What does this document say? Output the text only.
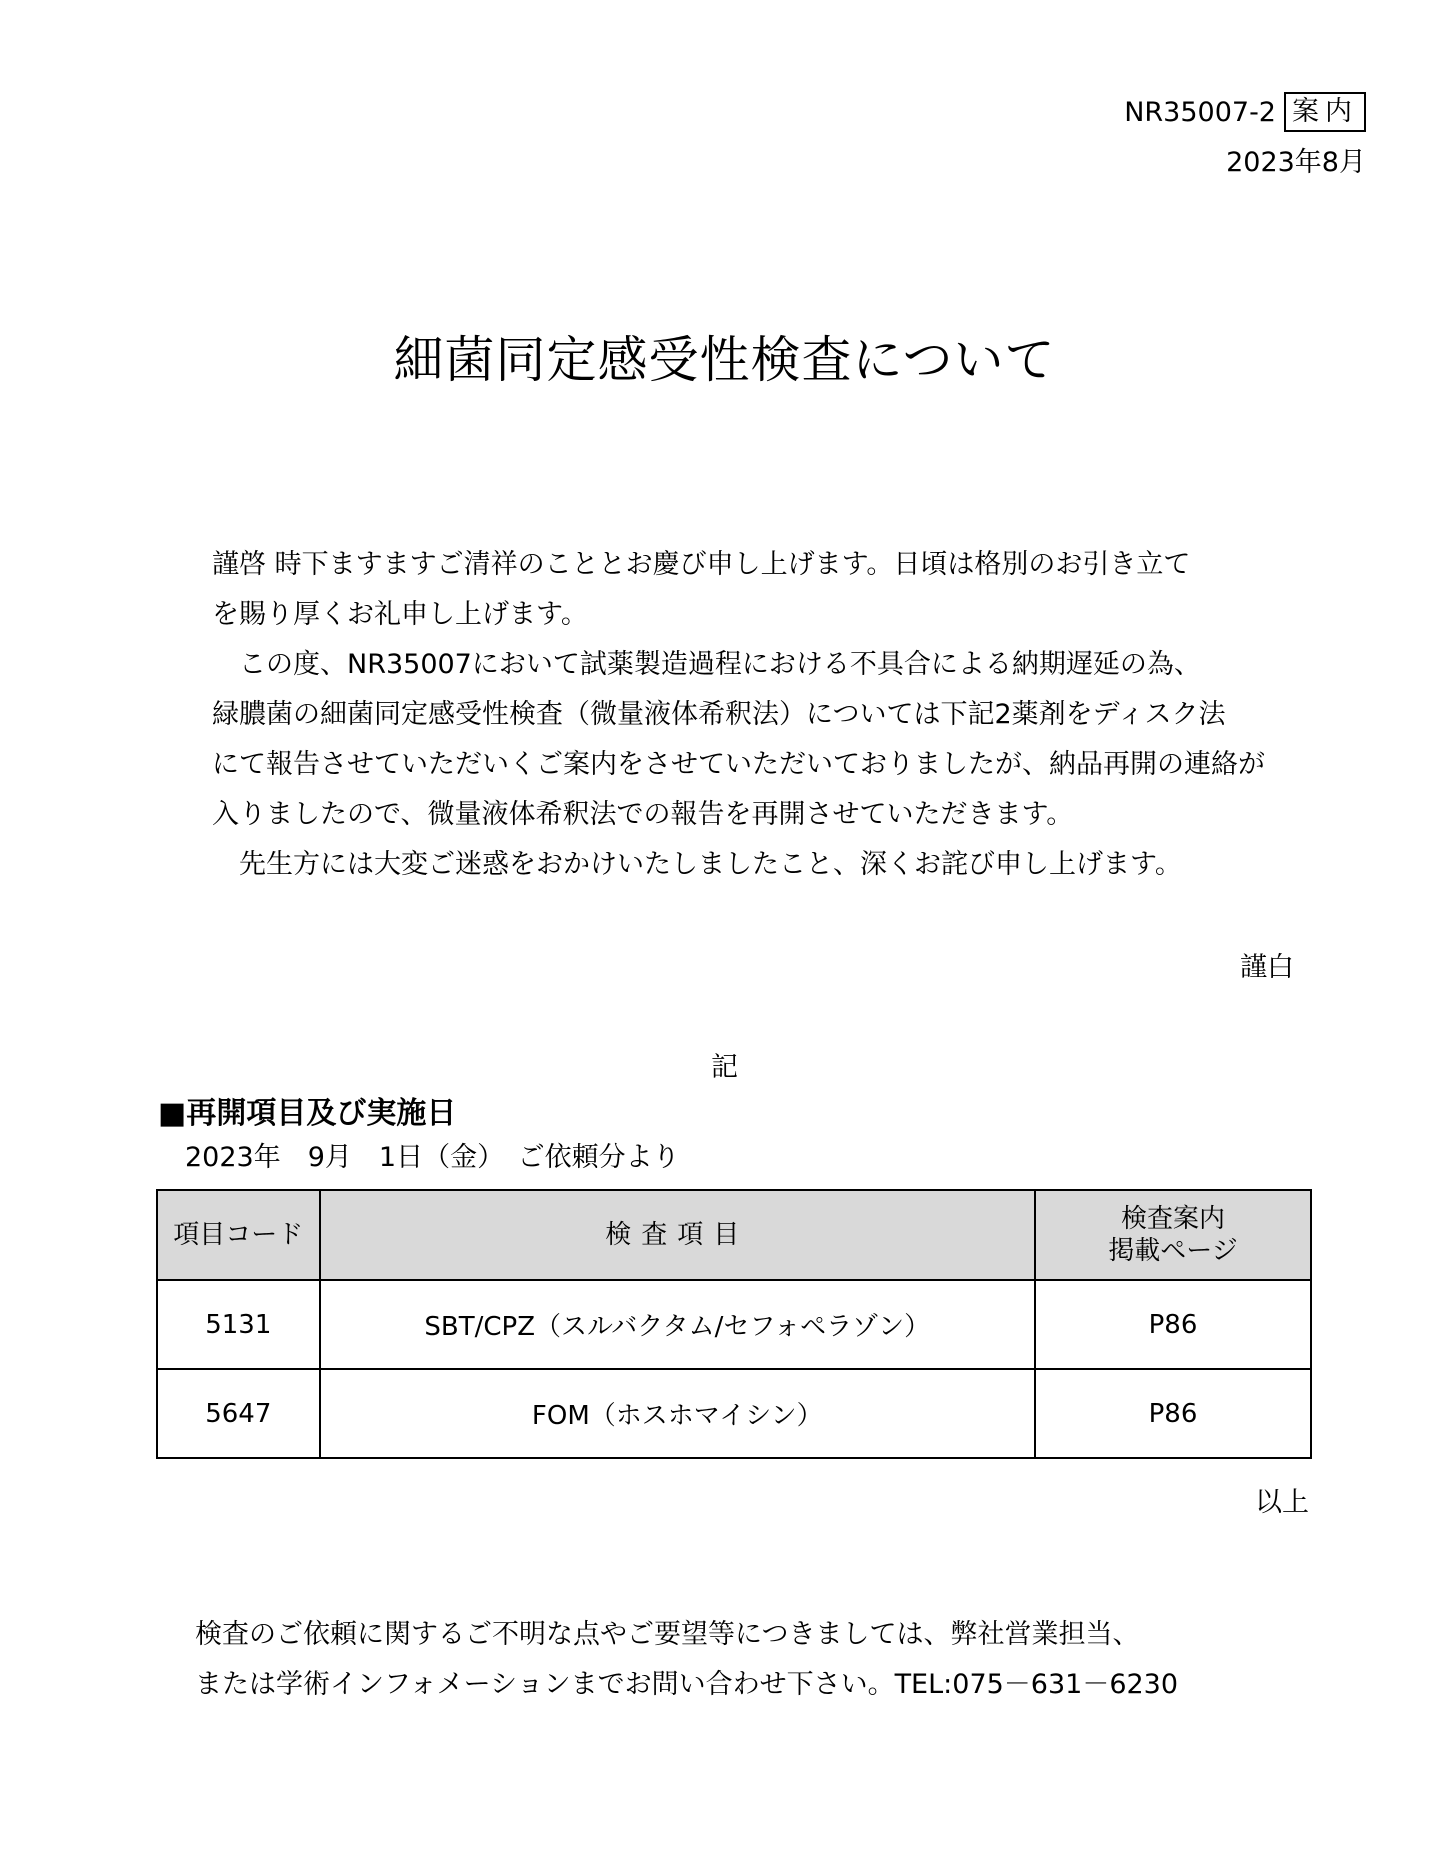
NR35007-2 案内
2023年8月
細菌同定感受性検査について

謹啓 時下ますますご清祥のこととお慶び申し上げます。日頃は格別のお引き立て

を賜り厚くお礼申し上げます。

　この度、NR35007において試薬製造過程における不具合による納期遅延の為、

緑膿菌の細菌同定感受性検査（微量液体希釈法）については下記2薬剤をディスク法

にて報告させていただいくご案内をさせていただいておりましたが、納品再開の連絡が

入りましたので、微量液体希釈法での報告を再開させていただきます。

　先生方には大変ご迷惑をおかけいたしましたこと、深くお詫び申し上げます。

謹白
記
■再開項目及び実施日
2023年　9月　1日（金）　ご依頼分より
項目コード	検査項目	検査案内
掲載ページ

5131	SBT/CPZ（スルバクタム/セフォペラゾン）	P86
5647	FOM（ホスホマイシン）	P86
以上

検査のご依頼に関するご不明な点やご要望等につきましては、弊社営業担当、

または学術インフォメーションまでお問い合わせ下さい。TEL:075－631－6230
